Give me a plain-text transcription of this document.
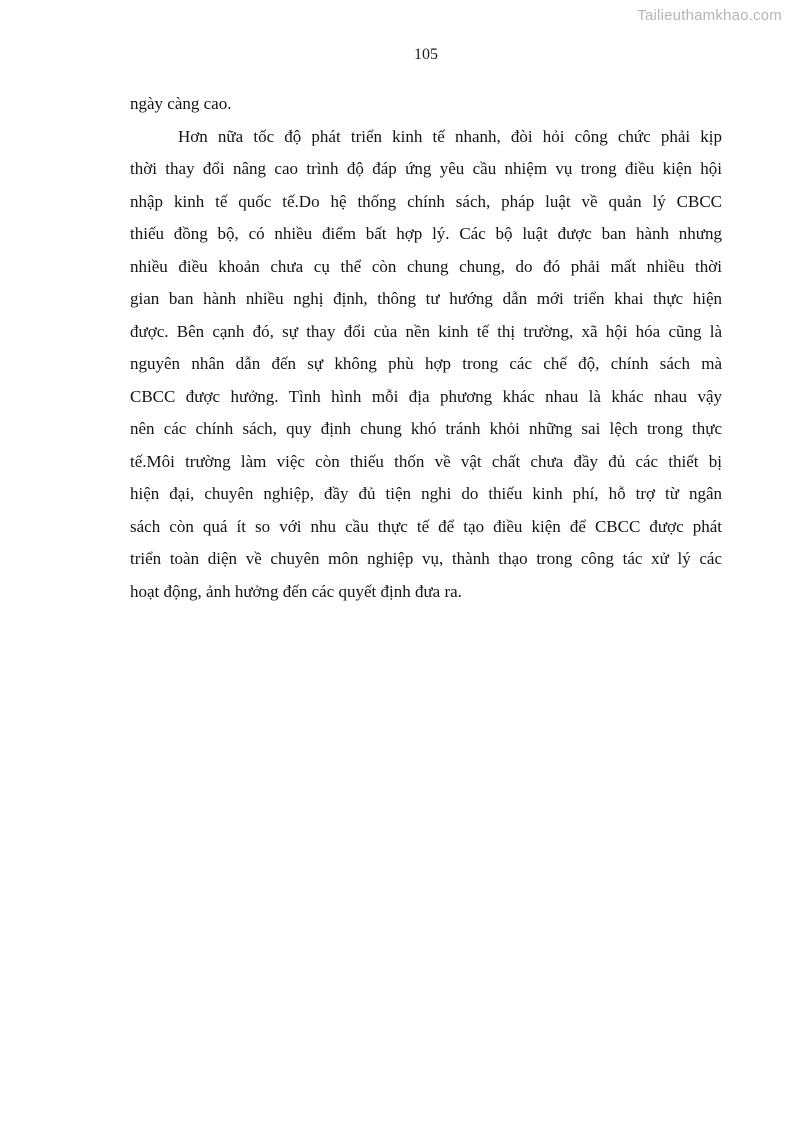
Tailieuthamkhao.com
105
ngày càng cao.
Hơn nữa tốc độ phát triển kinh tế nhanh, đòi hỏi công chức phải kịp
thời thay đổi nâng cao trình độ đáp ứng yêu cầu nhiệm vụ trong điều kiện hội
nhập kinh tế quốc tế.Do hệ thống chính sách, pháp luật về quản lý CBCC
thiếu đồng bộ, có nhiều điểm bất hợp lý. Các bộ luật được ban hành nhưng
nhiều điều khoản chưa cụ thể còn chung chung, do đó phải mất nhiều thời
gian ban hành nhiều nghị định, thông tư hướng dẫn mới triển khai thực hiện
được. Bên cạnh đó, sự thay đổi của nền kinh tế thị trường, xã hội hóa cũng là
nguyên nhân dẫn đến sự không phù hợp trong các chế độ, chính sách mà
CBCC được hưởng. Tình hình mỗi địa phương khác nhau là khác nhau vậy
nên các chính sách, quy định chung khó tránh khỏi những sai lệch trong thực
tế.Môi trường làm việc còn thiếu thốn về vật chất chưa đầy đủ các thiết bị
hiện đại, chuyên nghiệp, đầy đủ tiện nghi do thiếu kinh phí, hỗ trợ từ ngân
sách còn quá ít so với nhu cầu thực tế để tạo điều kiện để CBCC được phát
triển toàn diện về chuyên môn nghiệp vụ, thành thạo trong công tác xử lý các
hoạt động, ảnh hưởng đến các quyết định đưa ra.
